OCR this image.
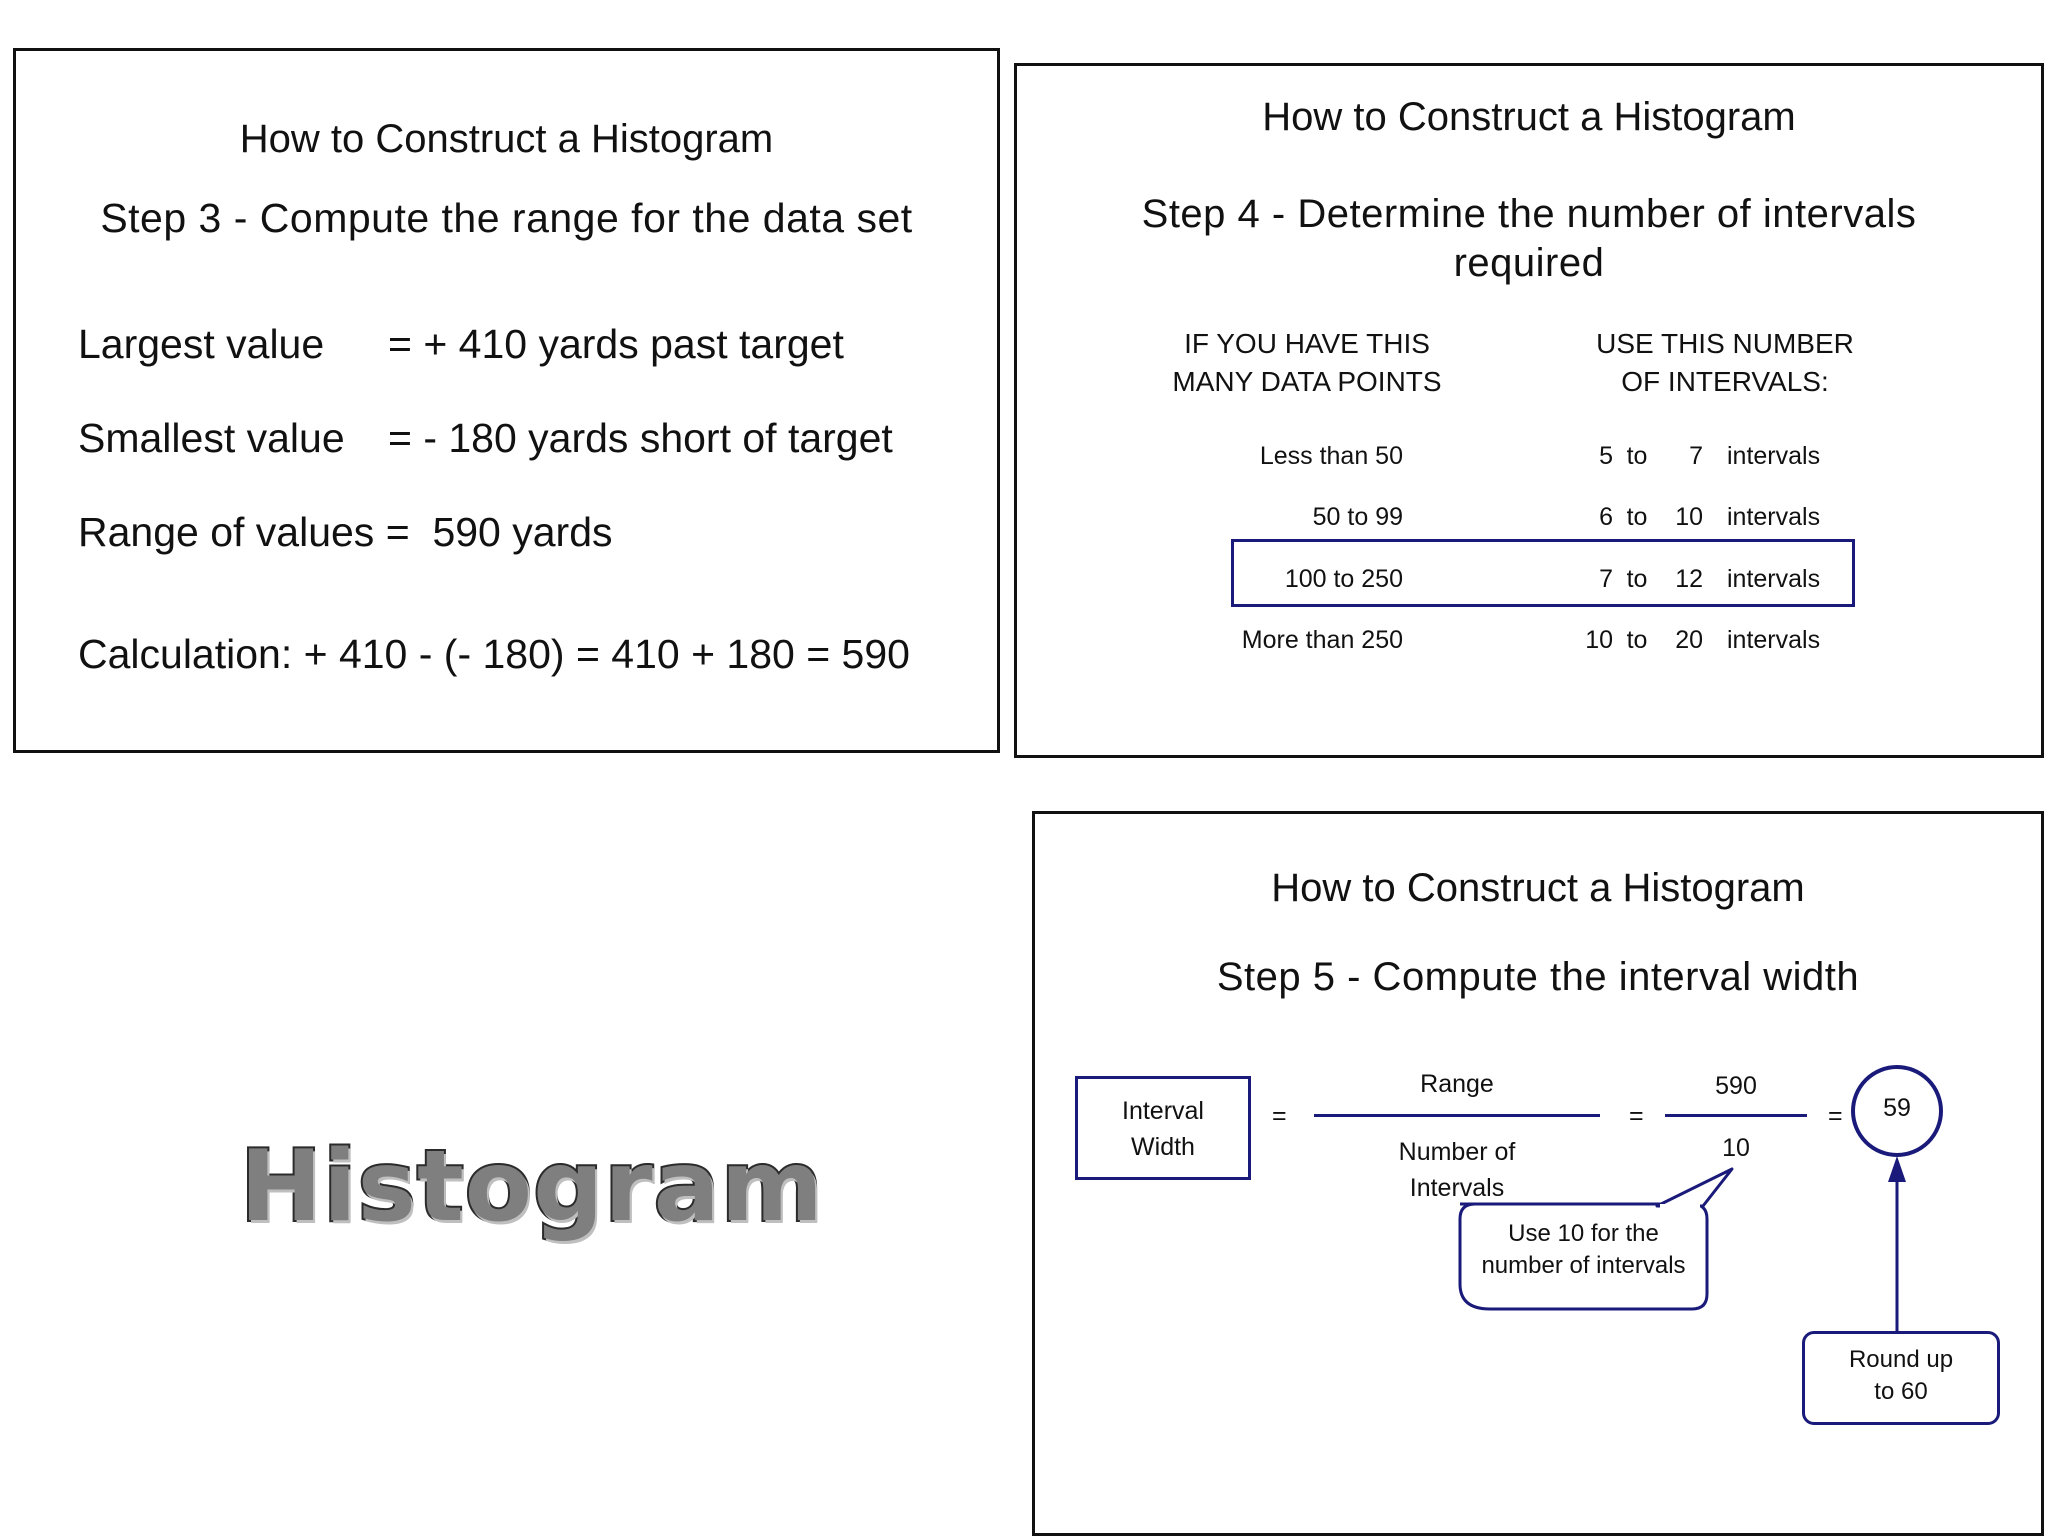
How to Construct a Histogram
Step 3 - Compute the range for the data set
Largest value = + 410 yards past target
Smallest value = - 180 yards short of target
Range of values = 590 yards
Calculation: + 410 - (- 180) = 410 + 180 = 590
How to Construct a Histogram
Step 4 - Determine the number of intervals
required
IF YOU HAVE THIS
MANY DATA POINTS
USE THIS NUMBER
OF INTERVALS:
Less than 50	5 to	7 intervals
50 to 99	6 to	10 intervals
100 to 250	7 to	12 intervals
More than 250	10 to	20 intervals
Histogram
How to Construct a Histogram
Step 5 - Compute the interval width
Interval
Width
=
Range
Number of
Intervals
=
590
10
=	59
Use 10 for the
number of intervals
Round up
to 60
